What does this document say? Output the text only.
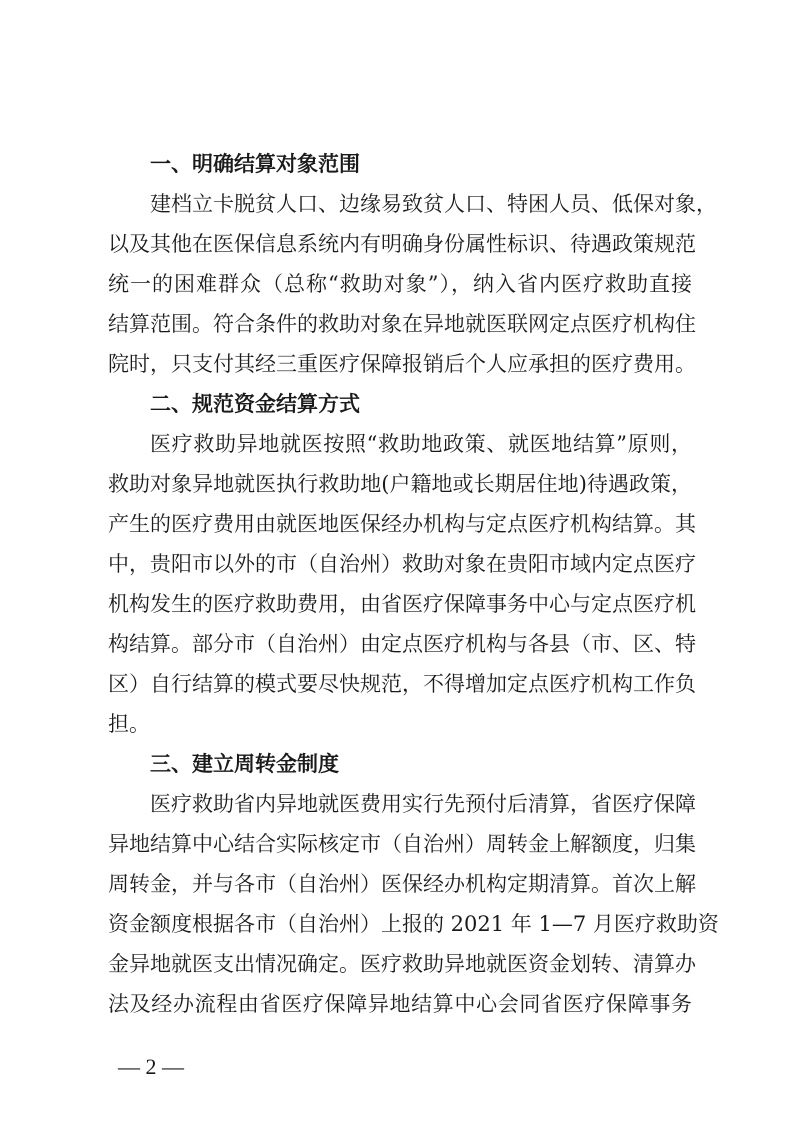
一、明确结算对象范围
建档立卡脱贫人口、边缘易致贫人口、特困人员、低保对象，
以及其他在医保信息系统内有明确身份属性标识、待遇政策规范
统一的困难群众（总称“救助对象”），纳入省内医疗救助直接
结算范围。符合条件的救助对象在异地就医联网定点医疗机构住
院时，只支付其经三重医疗保障报销后个人应承担的医疗费用。
二、规范资金结算方式
医疗救助异地就医按照“救助地政策、就医地结算”原则，
救助对象异地就医执行救助地(户籍地或长期居住地)待遇政策，
产生的医疗费用由就医地医保经办机构与定点医疗机构结算。其
中，贵阳市以外的市（自治州）救助对象在贵阳市域内定点医疗
机构发生的医疗救助费用，由省医疗保障事务中心与定点医疗机
构结算。部分市（自治州）由定点医疗机构与各县（市、区、特
区）自行结算的模式要尽快规范，不得增加定点医疗机构工作负
担。
三、建立周转金制度
医疗救助省内异地就医费用实行先预付后清算，省医疗保障
异地结算中心结合实际核定市（自治州）周转金上解额度，归集
周转金，并与各市（自治州）医保经办机构定期清算。首次上解
资金额度根据各市（自治州）上报的 2021 年 1—7 月医疗救助资
金异地就医支出情况确定。医疗救助异地就医资金划转、清算办
法及经办流程由省医疗保障异地结算中心会同省医疗保障事务
— 2 —
